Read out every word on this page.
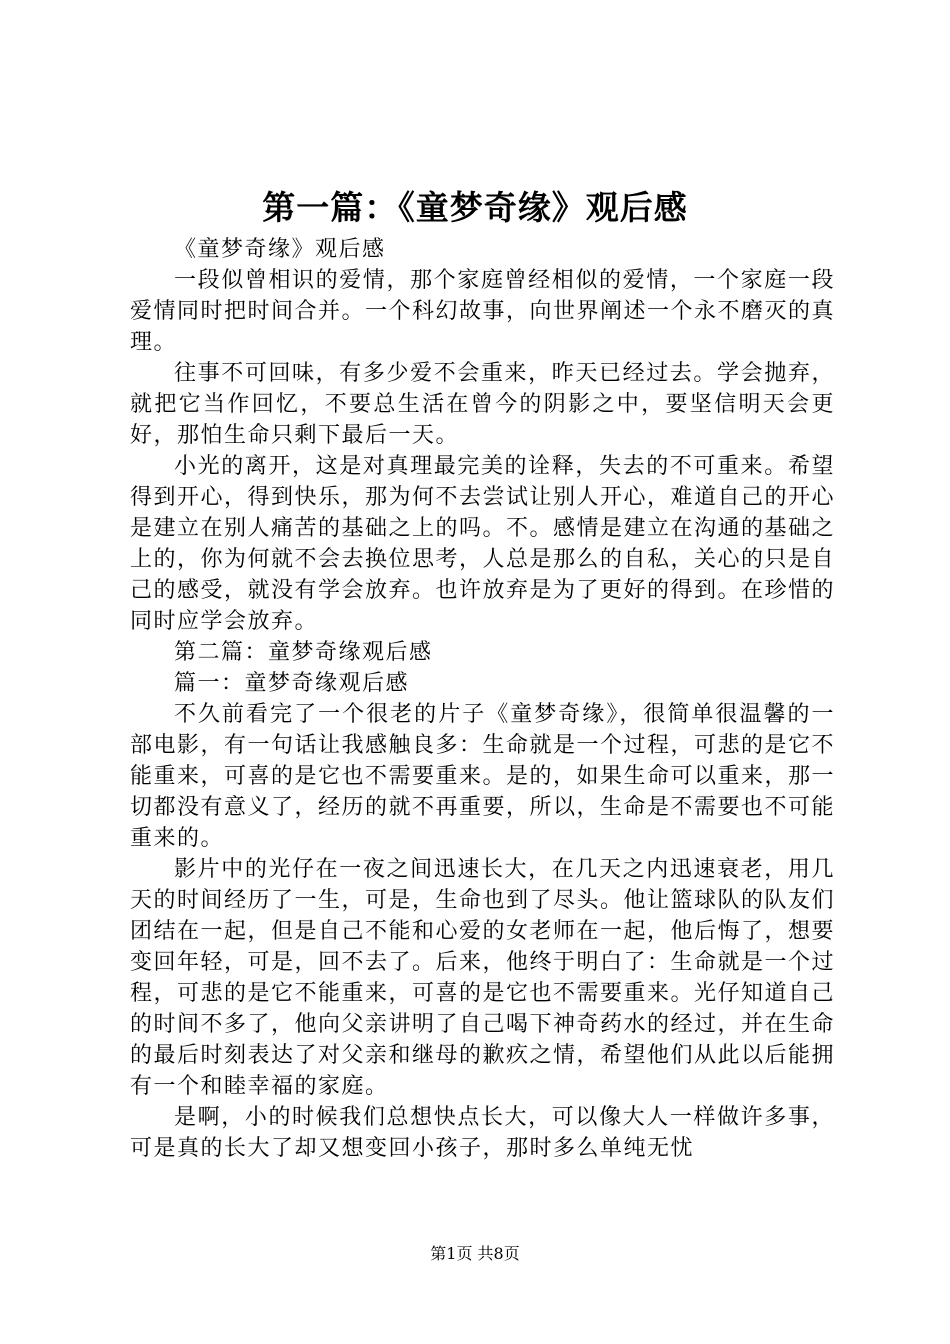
第一篇：《童梦奇缘》观后感

《童梦奇缘》观后感

一段似曾相识的爱情，那个家庭曾经相似的爱情，一个家庭一段爱情同时把时间合并。一个科幻故事，向世界阐述一个永不磨灭的真理。

往事不可回味，有多少爱不会重来，昨天已经过去。学会抛弃，就把它当作回忆，不要总生活在曾今的阴影之中，要坚信明天会更好，那怕生命只剩下最后一天。

小光的离开，这是对真理最完美的诠释，失去的不可重来。希望得到开心，得到快乐，那为何不去尝试让别人开心，难道自己的开心是建立在别人痛苦的基础之上的吗。不。感情是建立在沟通的基础之上的，你为何就不会去换位思考，人总是那么的自私，关心的只是自己的感受，就没有学会放弃。也许放弃是为了更好的得到。在珍惜的同时应学会放弃。

第二篇：童梦奇缘观后感

篇一：童梦奇缘观后感

不久前看完了一个很老的片子《童梦奇缘》，很简单很温馨的一部电影，有一句话让我感触良多：生命就是一个过程，可悲的是它不能重来，可喜的是它也不需要重来。是的，如果生命可以重来，那一切都没有意义了，经历的就不再重要，所以，生命是不需要也不可能重来的。

影片中的光仔在一夜之间迅速长大，在几天之内迅速衰老，用几天的时间经历了一生，可是，生命也到了尽头。他让篮球队的队友们团结在一起，但是自己不能和心爱的女老师在一起，他后悔了，想要变回年轻，可是，回不去了。后来，他终于明白了：生命就是一个过程，可悲的是它不能重来，可喜的是它也不需要重来。光仔知道自己的时间不多了，他向父亲讲明了自己喝下神奇药水的经过，并在生命的最后时刻表达了对父亲和继母的歉疚之情，希望他们从此以后能拥有一个和睦幸福的家庭。

是啊，小的时候我们总想快点长大，可以像大人一样做许多事，可是真的长大了却又想变回小孩子，那时多么单纯无忧

第1页 共8页
